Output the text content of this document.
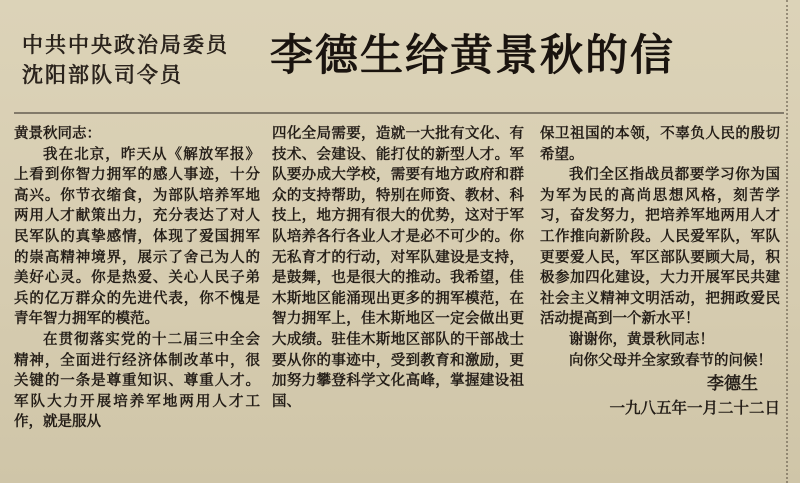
中共中央政治局委员
沈阳部队司令员	李德生给黄景秋的信

黄景秋同志：

我在北京，昨天从《解放军报》上看到你智力拥军的感人事迹，十分高兴。你节衣缩食，为部队培养军地两用人才献策出力，充分表达了对人民军队的真挚感情，体现了爱国拥军的崇高精神境界，展示了舍己为人的美好心灵。你是热爱、关心人民子弟兵的亿万群众的先进代表，你不愧是青年智力拥军的模范。

在贯彻落实党的十二届三中全会精神，全面进行经济体制改革中，很关键的一条是尊重知识、尊重人才。军队大力开展培养军地两用人才工作，就是服从

四化全局需要，造就一大批有文化、有技术、会建设、能打仗的新型人才。军队要办成大学校，需要有地方政府和群众的支持帮助，特别在师资、教材、科技上，地方拥有很大的优势，这对于军队培养各行各业人才是必不可少的。你无私育才的行动，对军队建设是支持，是鼓舞，也是很大的推动。我希望，佳木斯地区能涌现出更多的拥军模范，在智力拥军上，佳木斯地区一定会做出更大成绩。驻佳木斯地区部队的干部战士要从你的事迹中，受到教育和激励，更加努力攀登科学文化高峰，掌握建设祖国、

保卫祖国的本领，不辜负人民的殷切希望。

我们全区指战员都要学习你为国为军为民的高尚思想风格，刻苦学习，奋发努力，把培养军地两用人才工作推向新阶段。人民爱军队，军队更要爱人民，军区部队要顾大局，积极参加四化建设，大力开展军民共建社会主义精神文明活动，把拥政爱民活动提高到一个新水平！

谢谢你，黄景秋同志！

向你父母并全家致春节的问候！

李德生

一九八五年一月二十二日
